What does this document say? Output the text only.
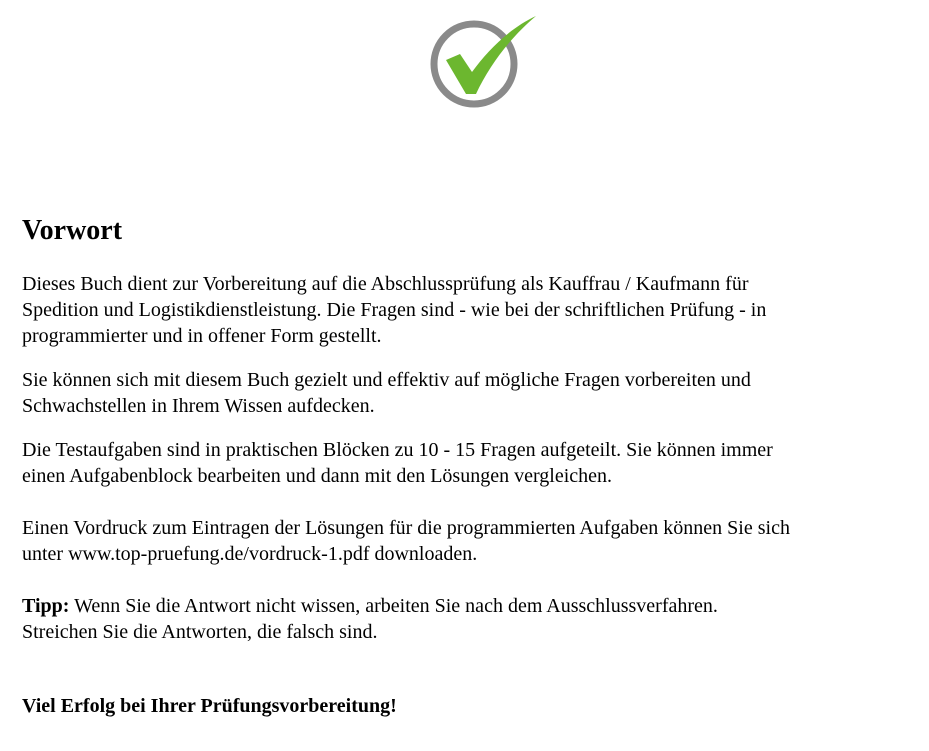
Vorwort

Dieses Buch dient zur Vorbereitung auf die Abschlussprüfung als Kauffrau / Kaufmann für
Spedition und Logistikdienstleistung. Die Fragen sind - wie bei der schriftlichen Prüfung - in
programmierter und in offener Form gestellt.

Sie können sich mit diesem Buch gezielt und effektiv auf mögliche Fragen vorbereiten und
Schwachstellen in Ihrem Wissen aufdecken.

Die Testaufgaben sind in praktischen Blöcken zu 10 - 15 Fragen aufgeteilt. Sie können immer
einen Aufgabenblock bearbeiten und dann mit den Lösungen vergleichen.

Einen Vordruck zum Eintragen der Lösungen für die programmierten Aufgaben können Sie sich
unter www.top-pruefung.de/vordruck-1.pdf downloaden.

Tipp: Wenn Sie die Antwort nicht wissen, arbeiten Sie nach dem Ausschlussverfahren.
Streichen Sie die Antworten, die falsch sind.

Viel Erfolg bei Ihrer Prüfungsvorbereitung!
